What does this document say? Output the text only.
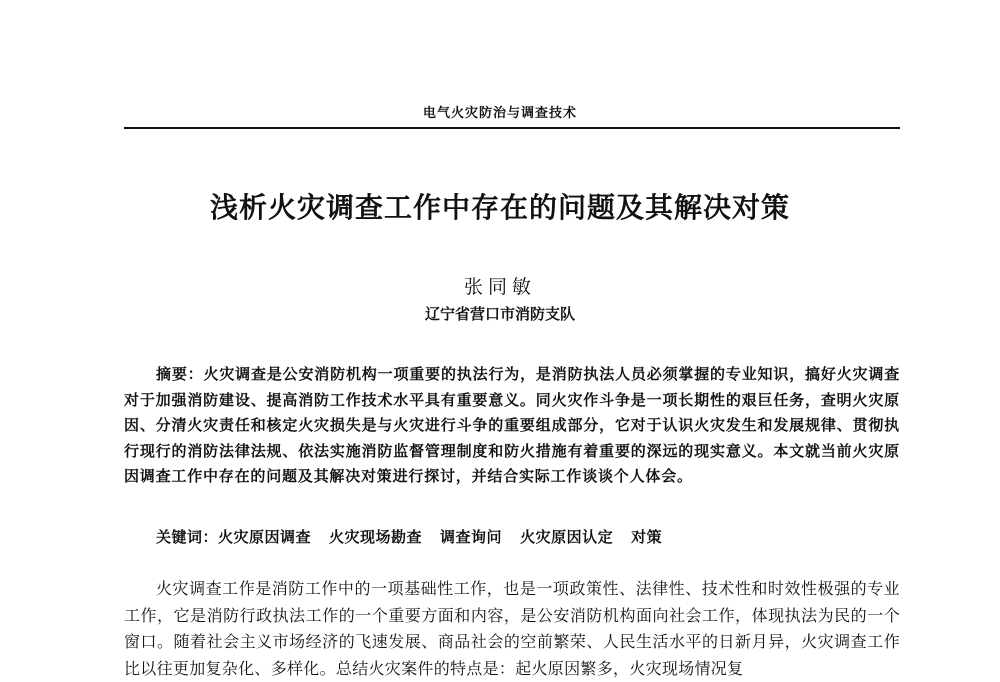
电气火灾防治与调查技术
浅析火灾调查工作中存在的问题及其解决对策
张同敏
辽宁省营口市消防支队

摘要：火灾调查是公安消防机构一项重要的执法行为，是消防执法人员必须掌握的专业知识，搞好火灾调查对于加强消防建设、提高消防工作技术水平具有重要意义。同火灾作斗争是一项长期性的艰巨任务，查明火灾原因、分清火灾责任和核定火灾损失是与火灾进行斗争的重要组成部分，它对于认识火灾发生和发展规律、贯彻执行现行的消防法律法规、依法实施消防监督管理制度和防火措施有着重要的深远的现实意义。本文就当前火灾原因调查工作中存在的问题及其解决对策进行探讨，并结合实际工作谈谈个人体会。

关键词：火灾原因调查 火灾现场勘查 调查询问 火灾原因认定 对策

火灾调查工作是消防工作中的一项基础性工作，也是一项政策性、法律性、技术性和时效性极强的专业工作，它是消防行政执法工作的一个重要方面和内容，是公安消防机构面向社会工作，体现执法为民的一个窗口。随着社会主义市场经济的飞速发展、商品社会的空前繁荣、人民生活水平的日新月异，火灾调查工作比以往更加复杂化、多样化。总结火灾案件的特点是：起火原因繁多，火灾现场情况复
